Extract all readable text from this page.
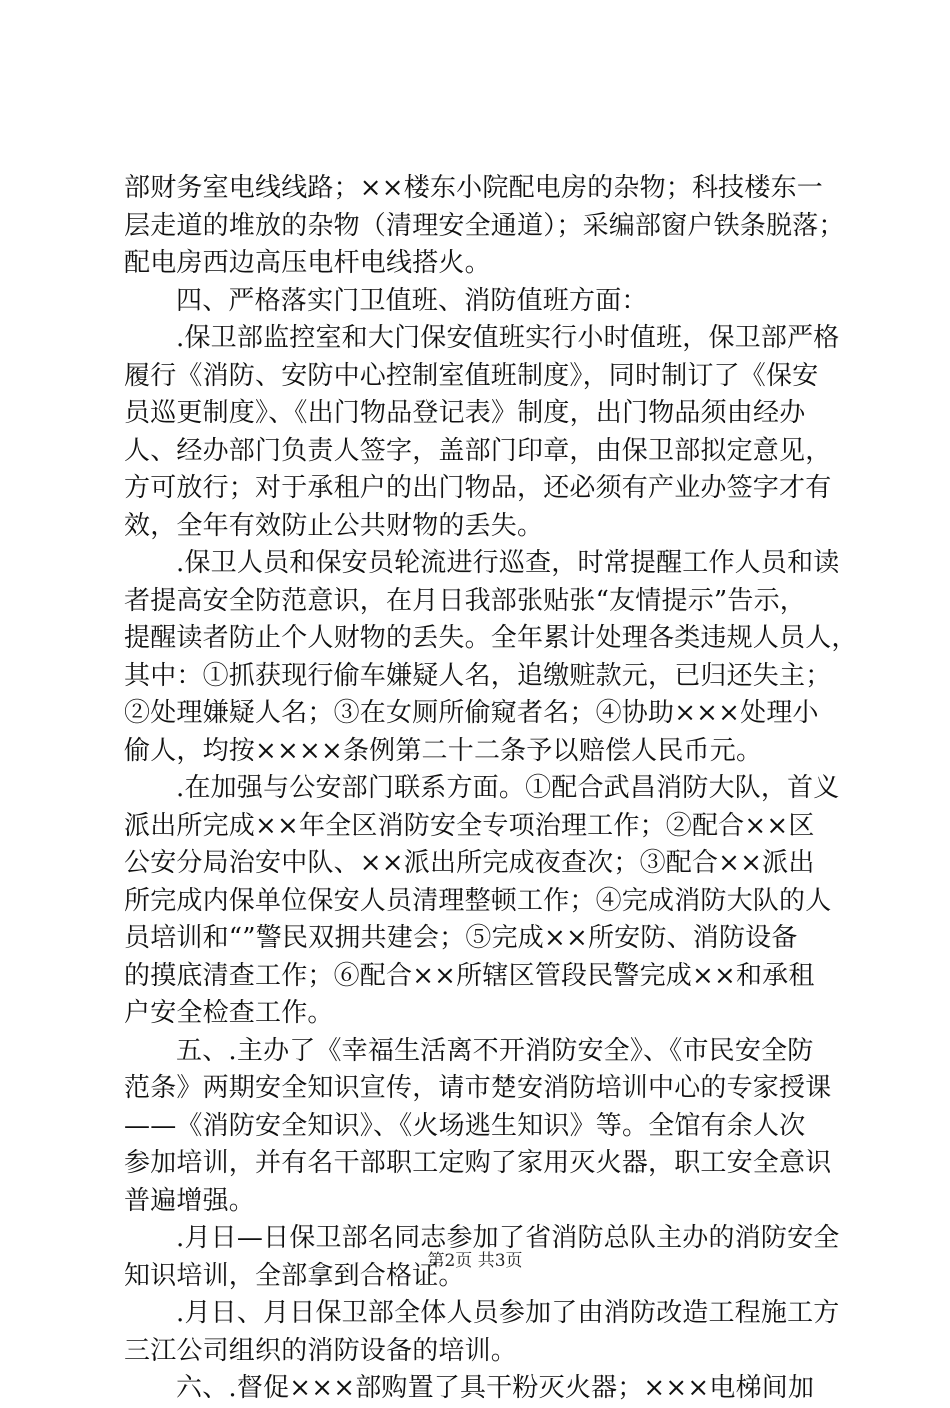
部财务室电线线路；××楼东小院配电房的杂物；科技楼东一
层走道的堆放的杂物（清理安全通道）；采编部窗户铁条脱落；
配电房西边高压电杆电线搭火。
四、严格落实门卫值班、消防值班方面：
.保卫部监控室和大门保安值班实行小时值班，保卫部严格
履行《消防、安防中心控制室值班制度》，同时制订了《保安
员巡更制度》、《出门物品登记表》制度，出门物品须由经办
人、经办部门负责人签字，盖部门印章，由保卫部拟定意见，
方可放行；对于承租户的出门物品，还必须有产业办签字才有
效，全年有效防止公共财物的丢失。
.保卫人员和保安员轮流进行巡查，时常提醒工作人员和读
者提高安全防范意识，在月日我部张贴张“友情提示”告示，
提醒读者防止个人财物的丢失。全年累计处理各类违规人员人，
其中：①抓获现行偷车嫌疑人名，追缴赃款元，已归还失主；
②处理嫌疑人名；③在女厕所偷窥者名；④协助×××处理小
偷人，均按××××条例第二十二条予以赔偿人民币元。
.在加强与公安部门联系方面。①配合武昌消防大队，首义
派出所完成××年全区消防安全专项治理工作；②配合××区
公安分局治安中队、××派出所完成夜查次；③配合××派出
所完成内保单位保安人员清理整顿工作；④完成消防大队的人
员培训和“”警民双拥共建会；⑤完成××所安防、消防设备
的摸底清查工作；⑥配合××所辖区管段民警完成××和承租
户安全检查工作。
五、.主办了《幸福生活离不开消防安全》、《市民安全防
范条》两期安全知识宣传，请市楚安消防培训中心的专家授课
——《消防安全知识》、《火场逃生知识》等。全馆有余人次
参加培训，并有名干部职工定购了家用灭火器，职工安全意识
普遍增强。
.月日—日保卫部名同志参加了省消防总队主办的消防安全
知识培训，全部拿到合格证。
.月日、月日保卫部全体人员参加了由消防改造工程施工方
三江公司组织的消防设备的培训。
六、.督促×××部购置了具干粉灭火器；×××电梯间加
第2页 共3页
